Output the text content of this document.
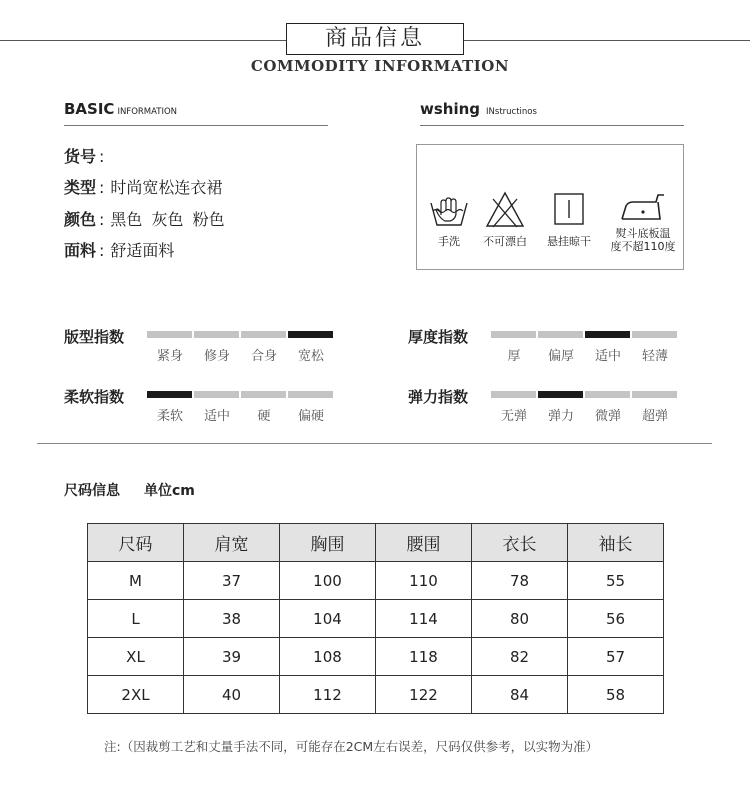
商品信息
COMMODITY INFORMATION
BASIC INFORMATION
货号 :
类型 : 时尚宽松连衣裙
颜色 : 黑色 灰色 粉色
面料 : 舒适面料
wshing INstructinos
手洗	不可漂白	悬挂晾干
熨斗底板温
度不超110度
版型指数	厚度指数
柔软指数	弹力指数
紧身	修身	合身	宽松	厚	偏厚	适中	轻薄
柔软	适中	硬	偏硬	无弹	弹力	微弹	超弹
尺码信息 单位cm
尺码	肩宽	胸围	腰围	衣长	袖长
M	37	100	110	78	55
L	38	104	114	80	56
XL	39	108	118	82	57
2XL	40	112	122	84	58
注:（因裁剪工艺和丈量手法不同，可能存在2CM左右误差，尺码仅供参考，以实物为准）
